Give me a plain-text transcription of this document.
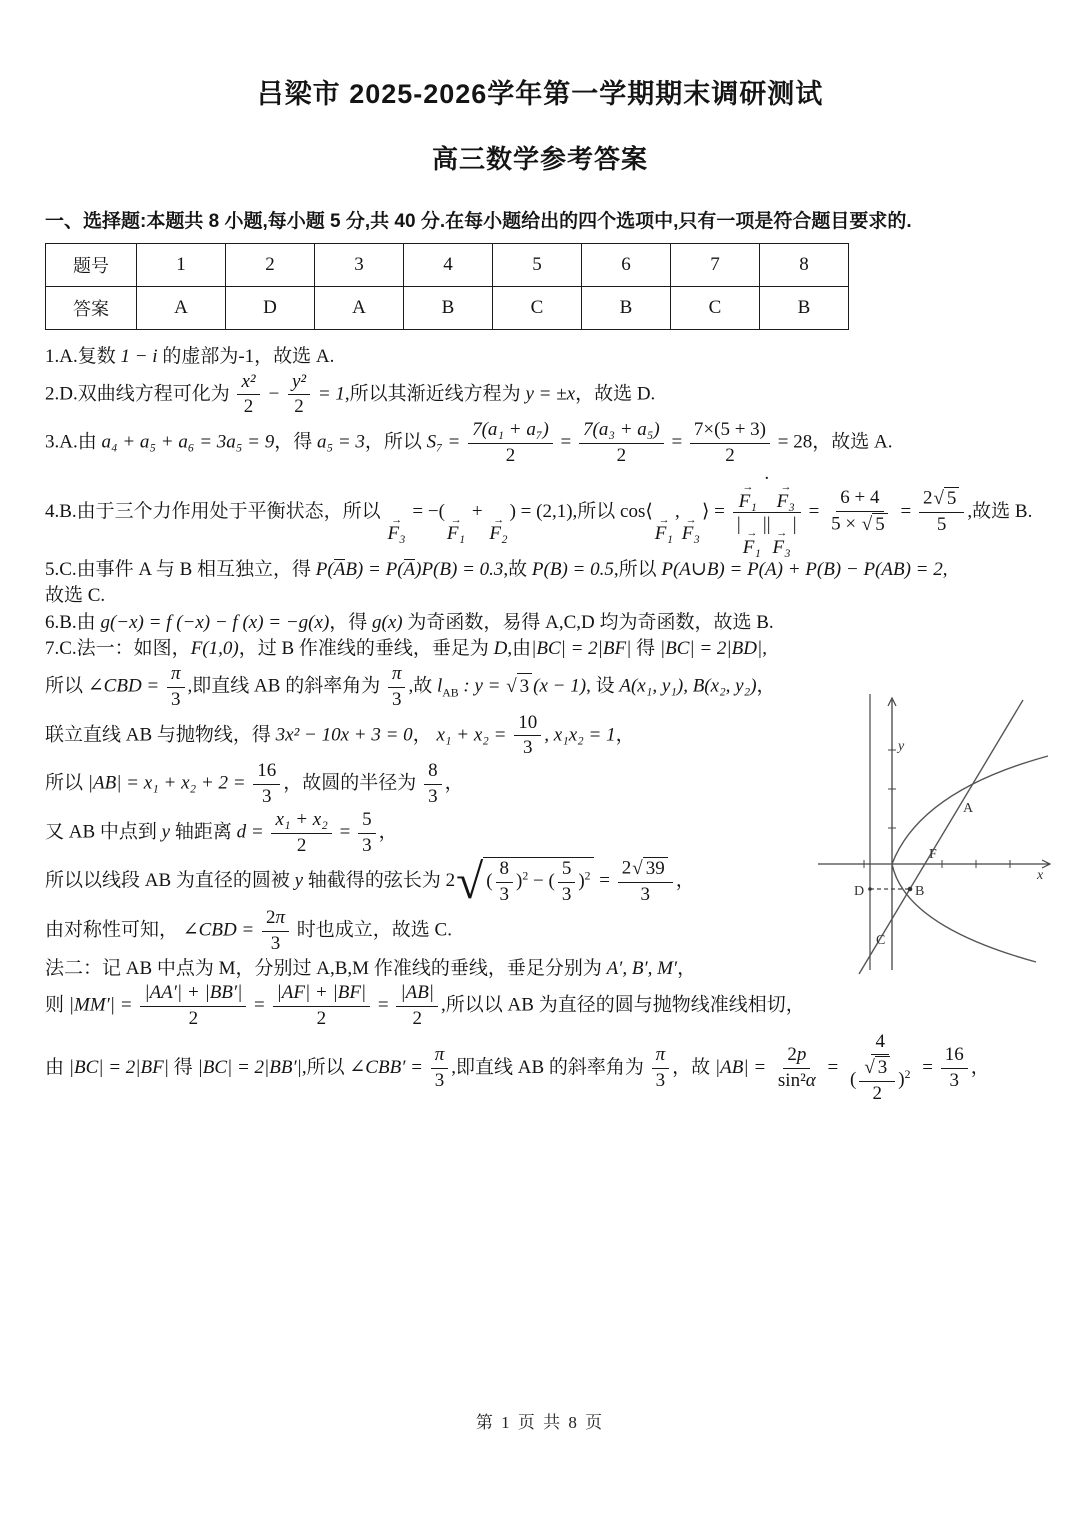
吕梁市 2025-2026学年第一学期期末调研测试
高三数学参考答案

一、选择题:本题共 8 小题,每小题 5 分,共 40 分.在每小题给出的四个选项中,只有一项是符合题目要求的.

题号	1	2	3	4	5	6	7	8
答案	A	D	A	B	C	B	C	B

1.A.复数 1 − i 的虚部为-1，故选 A.

2.D.双曲线方程可化为 $\frac{\text{x²}}{2} - \frac{\text{y²}}{2} = 1$,所以其渐近线方程为 y = ±x，故选 D.

3.A.由 a₄ + a₅ + a₆ = 3a₅ = 9，得 a₅ = 3，所以 $S_7 = \frac{\text{7(a₁ + a₇)}}{2} = \frac{\text{7(a₃ + a₅)}}{2} = \frac{7\times(5 + 3)}{2} = 28$，故选 A.

4.B.由于三个力作用处于平衡状态，所以 →
F₃
= −( →
F₁
+ →
F₂
) = (2,1),所以 cos⟨ →
F₁
, →
F₃
⟩ = →
F₁
· →
F₃
| →
F₁
|| →
F₃
| = $\frac{6 + 4}{5 \times √ 5} = \frac{2 √ 5}{5}$ ,故选 B.

5.C.由事件 A 与 B 相互独立，得 P(AB) = P(A)P(B) = 0.3,故 P(B) = 0.5,所以 P(A∪B) = P(A) + P(B) − P(AB) = 2,

故选 C.

6.B.由 g(−x) = f (−x) − f (x) = −g(x)，得 g(x) 为奇函数，易得 A,C,D 均为奇函数，故选 B.

7.C.法一：如图，F(1,0)，过 B 作准线的垂线，垂足为 D,由|BC| = 2|BF| 得 |BC| = 2|BD|,

所以 ∠CBD = $\frac{\pi}{3}$ ,即直线 AB 的斜率角为 $\frac{\pi}{3}$ ,故 $l_{AB}$ : y = √ 3 (x − 1), 设 A(x₁, y₁), B(x₂, y₂)，

联立直线 AB 与抛物线，得 3x² − 10x + 3 = 0， $x_1 + x_2 = \frac{10}{3}$ , x₁x₂ = 1，

所以 $|AB| = x_1 + x_2 + 2 = \frac{16}{3}$ ，故圆的半径为 $\frac{8}{3}$ ，

又 AB 中点到 y 轴距离 $d = \frac{\text{x₁ + x₂}}{2} = \frac{5}{3}$ ，

所以以线段 AB 为直径的圆被 y 轴截得的弦长为 2 √ ( $\frac{8}{3} )^2$ − ( $\frac{5}{3} )^2 = \frac{2 √ 39}{3}$ ，

由对称性可知， ∠CBD = $\frac{2\pi}{3}$ 时也成立，故选 C.

法二：记 AB 中点为 M，分别过 A,B,M 作准线的垂线，垂足分别为 A′, B′, M′，

则 $|MM'| = \frac{|AA'| + |BB'|}{2} = \frac{|AF| + |BF|}{2} = \frac{|AB|}{2}$ ,所以以 AB 为直径的圆与抛物线准线相切，

由 |BC| = 2|BF| 得 |BC| = 2|BB′|,所以 ∠CBB′ = $\frac{\pi}{3}$ ,即直线 AB 的斜率角为 $\frac{\pi}{3}$ ，故 $|AB| = \frac{2p}{\text{sin²α}} = \frac{4}{( \frac{√ 3}{2} )^2} = \frac{16}{3}$ ，

y
x
A
F
B
D
C
第 1 页 共 8 页
